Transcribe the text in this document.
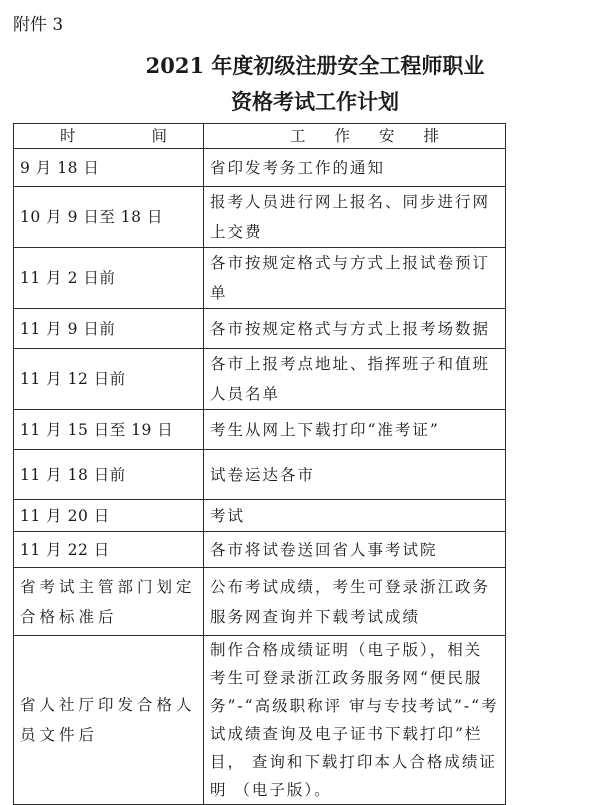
附件 3
2021 年度初级注册安全工程师职业
资格考试工作计划
时 间	工 作 安 排

9 月 18 日	省印发考务工作的通知
10 月 9 日至 18 日	报考人员进行网上报名、同步进行网上交费
11 月 2 日前	各市按规定格式与方式上报试卷预订单
11 月 9 日前	各市按规定格式与方式上报考场数据
11 月 12 日前	各市上报考点地址、指挥班子和值班人员名单
11 月 15 日至 19 日	考生从网上下载打印“准考证”
11 月 18 日前	试卷运达各市
11 月 20 日	考试
11 月 22 日	各市将试卷送回省人事考试院
省考试主管部门划定合格标准后	公布考试成绩，考生可登录浙江政务服务网查询并下载考试成绩
省人社厅印发合格人员文件后	制作合格成绩证明（电子版），相关考生可登录浙江政务服务网“便民服务”-“高级职称评 审与专技考试”-“考试成绩查询及电子证书下载打印”栏目， 查询和下载打印本人合格成绩证明 （电子版）。
